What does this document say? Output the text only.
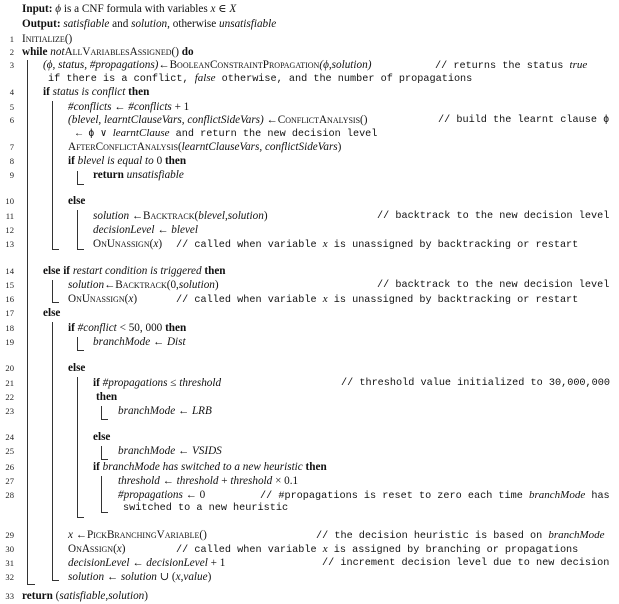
Input: ϕ is a CNF formula with variables x ∈ X
Output: satisfiable and solution, otherwise unsatisfiable
1
2
3
4
5
6
7
8
9
10
11
12
13
14
15
16
17
18
19
20
21
22
23
24
25
26
27
28
29
30
31
32
33
Initialize()
while notAllVariablesAssigned() do
(ϕ, status, #propagations)←BooleanConstraintPropagation(ϕ,solution)	// returns the status true
if there is a conflict, false otherwise, and the number of propagations
if status is conflict then
#conflicts ← #conflicts + 1
(blevel, learntClauseVars, conflictSideVars) ←ConflictAnalysis()	// build the learnt clause ϕ
← ϕ ∨ learntClause and return the new decision level
AfterConflictAnalysis(learntClauseVars, conflictSideVars)
if blevel is equal to 0 then
return unsatisfiable
else
solution ←Backtrack(blevel,solution)	// backtrack to the new decision level
decisionLevel ← blevel
OnUnassign(x) // called when variable x is unassigned by backtracking or restart
else if restart condition is triggered then
solution←Backtrack(0,solution)	// backtrack to the new decision level
OnUnassign(x)	// called when variable x is unassigned by backtracking or restart
else
if #conflict < 50, 000 then
branchMode ← Dist
else
if #propagations ≤ threshold	// threshold value initialized to 30,000,000
then
branchMode ← LRB
else
branchMode ← VSIDS
if branchMode has switched to a new heuristic then
threshold ← threshold + threshold × 0.1
#propagations ← 0	// #propagations is reset to zero each time branchMode has
switched to a new heuristic
x ←PickBranchingVariable()	// the decision heuristic is based on branchMode
OnAssign(x)	// called when variable x is assigned by branching or propagations
decisionLevel ← decisionLevel + 1	// increment decision level due to new decision
solution ← solution ∪ (x,value)
return (satisfiable,solution)
